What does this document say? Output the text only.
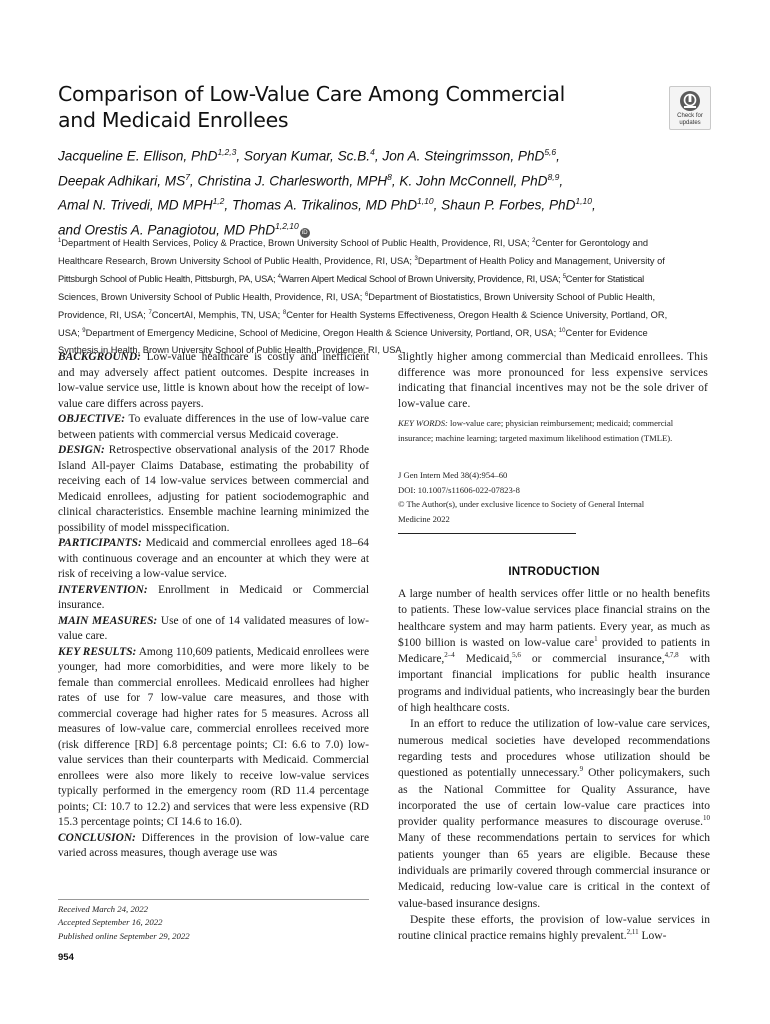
Comparison of Low-Value Care Among Commercial
and Medicaid Enrollees	Check for
updates
Jacqueline E. Ellison, PhD$^{1,2,3}$, Soryan Kumar, Sc.B.$^4$, Jon A. Steingrimsson, PhD$^{5,6}$,
Deepak Adhikari, $MS^7$, Christina J. Charlesworth, MPH$^8$, K. John McConnell, PhD$^{8,9}$,
Amal N. Trivedi, MD MPH$^{1,2}$, Thomas A. Trikalinos, MD PhD$^{1,10}$, Shaun P. Forbes, PhD$^{1,10}$,
and Orestis A. Panagiotou, MD PhD$^{1,2,10}$iD
$^1$Department of Health Services, Policy & Practice, Brown University School of Public Health, Providence, RI, USA; $^2$Center for Gerontology and
Healthcare Research, Brown University School of Public Health, Providence, RI, USA; $^3$Department of Health Policy and Management, University of
Pittsburgh School of Public Health, Pittsburgh, PA, USA; $^4$Warren Alpert Medical School of Brown University, Providence, RI, USA; $^5$Center for Statistical
Sciences, Brown University School of Public Health, Providence, RI, USA; $^6$Department of Biostatistics, Brown University School of Public Health,
Providence, RI, USA; $^7$ConcertAI, Memphis, TN, USA; $^8$Center for Health Systems Effectiveness, Oregon Health & Science University, Portland, OR,
USA; $^9$Department of Emergency Medicine, School of Medicine, Oregon Health & Science University, Portland, OR, USA; $^{10}$Center for Evidence
Synthesis in Health, Brown University School of Public Health, Providence, RI, USA.

BACKGROUND: Low-value healthcare is costly and inefficient and may adversely affect patient outcomes. Despite increases in low-value service use, little is known about how the receipt of low-value care differs across payers.

OBJECTIVE: To evaluate differences in the use of low-value care between patients with commercial versus Medicaid coverage.

DESIGN: Retrospective observational analysis of the 2017 Rhode Island All-payer Claims Database, estimating the probability of receiving each of 14 low-value services between commercial and Medicaid enrollees, adjusting for patient sociodemographic and clinical characteristics. Ensemble machine learning minimized the possibility of model misspecification.

PARTICIPANTS: Medicaid and commercial enrollees aged 18–64 with continuous coverage and an encounter at which they were at risk of receiving a low-value service.

INTERVENTION: Enrollment in Medicaid or Commercial insurance.

MAIN MEASURES: Use of one of 14 validated measures of low-value care.

KEY RESULTS: Among 110,609 patients, Medicaid enrollees were younger, had more comorbidities, and were more likely to be female than commercial enrollees. Medicaid enrollees had higher rates of use for 7 low-value care measures, and those with commercial coverage had higher rates for 5 measures. Across all measures of low-value care, commercial enrollees received more (risk difference [RD] 6.8 percentage points; CI: 6.6 to 7.0) low-value services than their counterparts with Medicaid. Commercial enrollees were also more likely to receive low-value services typically performed in the emergency room (RD 11.4 percentage points; CI: 10.7 to 12.2) and services that were less expensive (RD 15.3 percentage points; CI 14.6 to 16.0).

CONCLUSION: Differences in the provision of low-value care varied across measures, though average use was

slightly higher among commercial than Medicaid enrollees. This difference was more pronounced for less expensive services indicating that financial incentives may not be the sole driver of low-value care.
KEY WORDS: low-value care; physician reimbursement; medicaid; commercial insurance; machine learning; targeted maximum likelihood estimation (TMLE).
J Gen Intern Med 38(4):954–60
DOI: 10.1007/s11606-022-07823-8
© The Author(s), under exclusive licence to Society of General Internal
Medicine 2022
INTRODUCTION

A large number of health services offer little or no health benefits to patients. These low-value services place financial strains on the healthcare system and may harm patients. Every year, as much as $100 billion is wasted on low-value care$^1$ provided to patients in Medicare,$^{2-4}$ Medicaid,$^{5,6}$ or commercial insurance,$^{4,7,8}$ with important financial implications for public health insurance programs and individual patients, who increasingly bear the burden of high healthcare costs.

In an effort to reduce the utilization of low-value care services, numerous medical societies have developed recommendations regarding tests and procedures whose utilization should be questioned as potentially unnecessary.$^9$ Other policymakers, such as the National Committee for Quality Assurance, have incorporated the use of certain low-value care practices into provider quality performance measures to discourage overuse.$^{10}$ Many of these recommendations pertain to services for which patients younger than 65 years are eligible. Because these individuals are primarily covered through commercial insurance or Medicaid, reducing low-value care is critical in the context of value-based insurance designs.

Despite these efforts, the provision of low-value services in routine clinical practice remains highly prevalent.$^{2,11}$ Low-

Received March 24, 2022
Accepted September 16, 2022
Published online September 29, 2022
954
